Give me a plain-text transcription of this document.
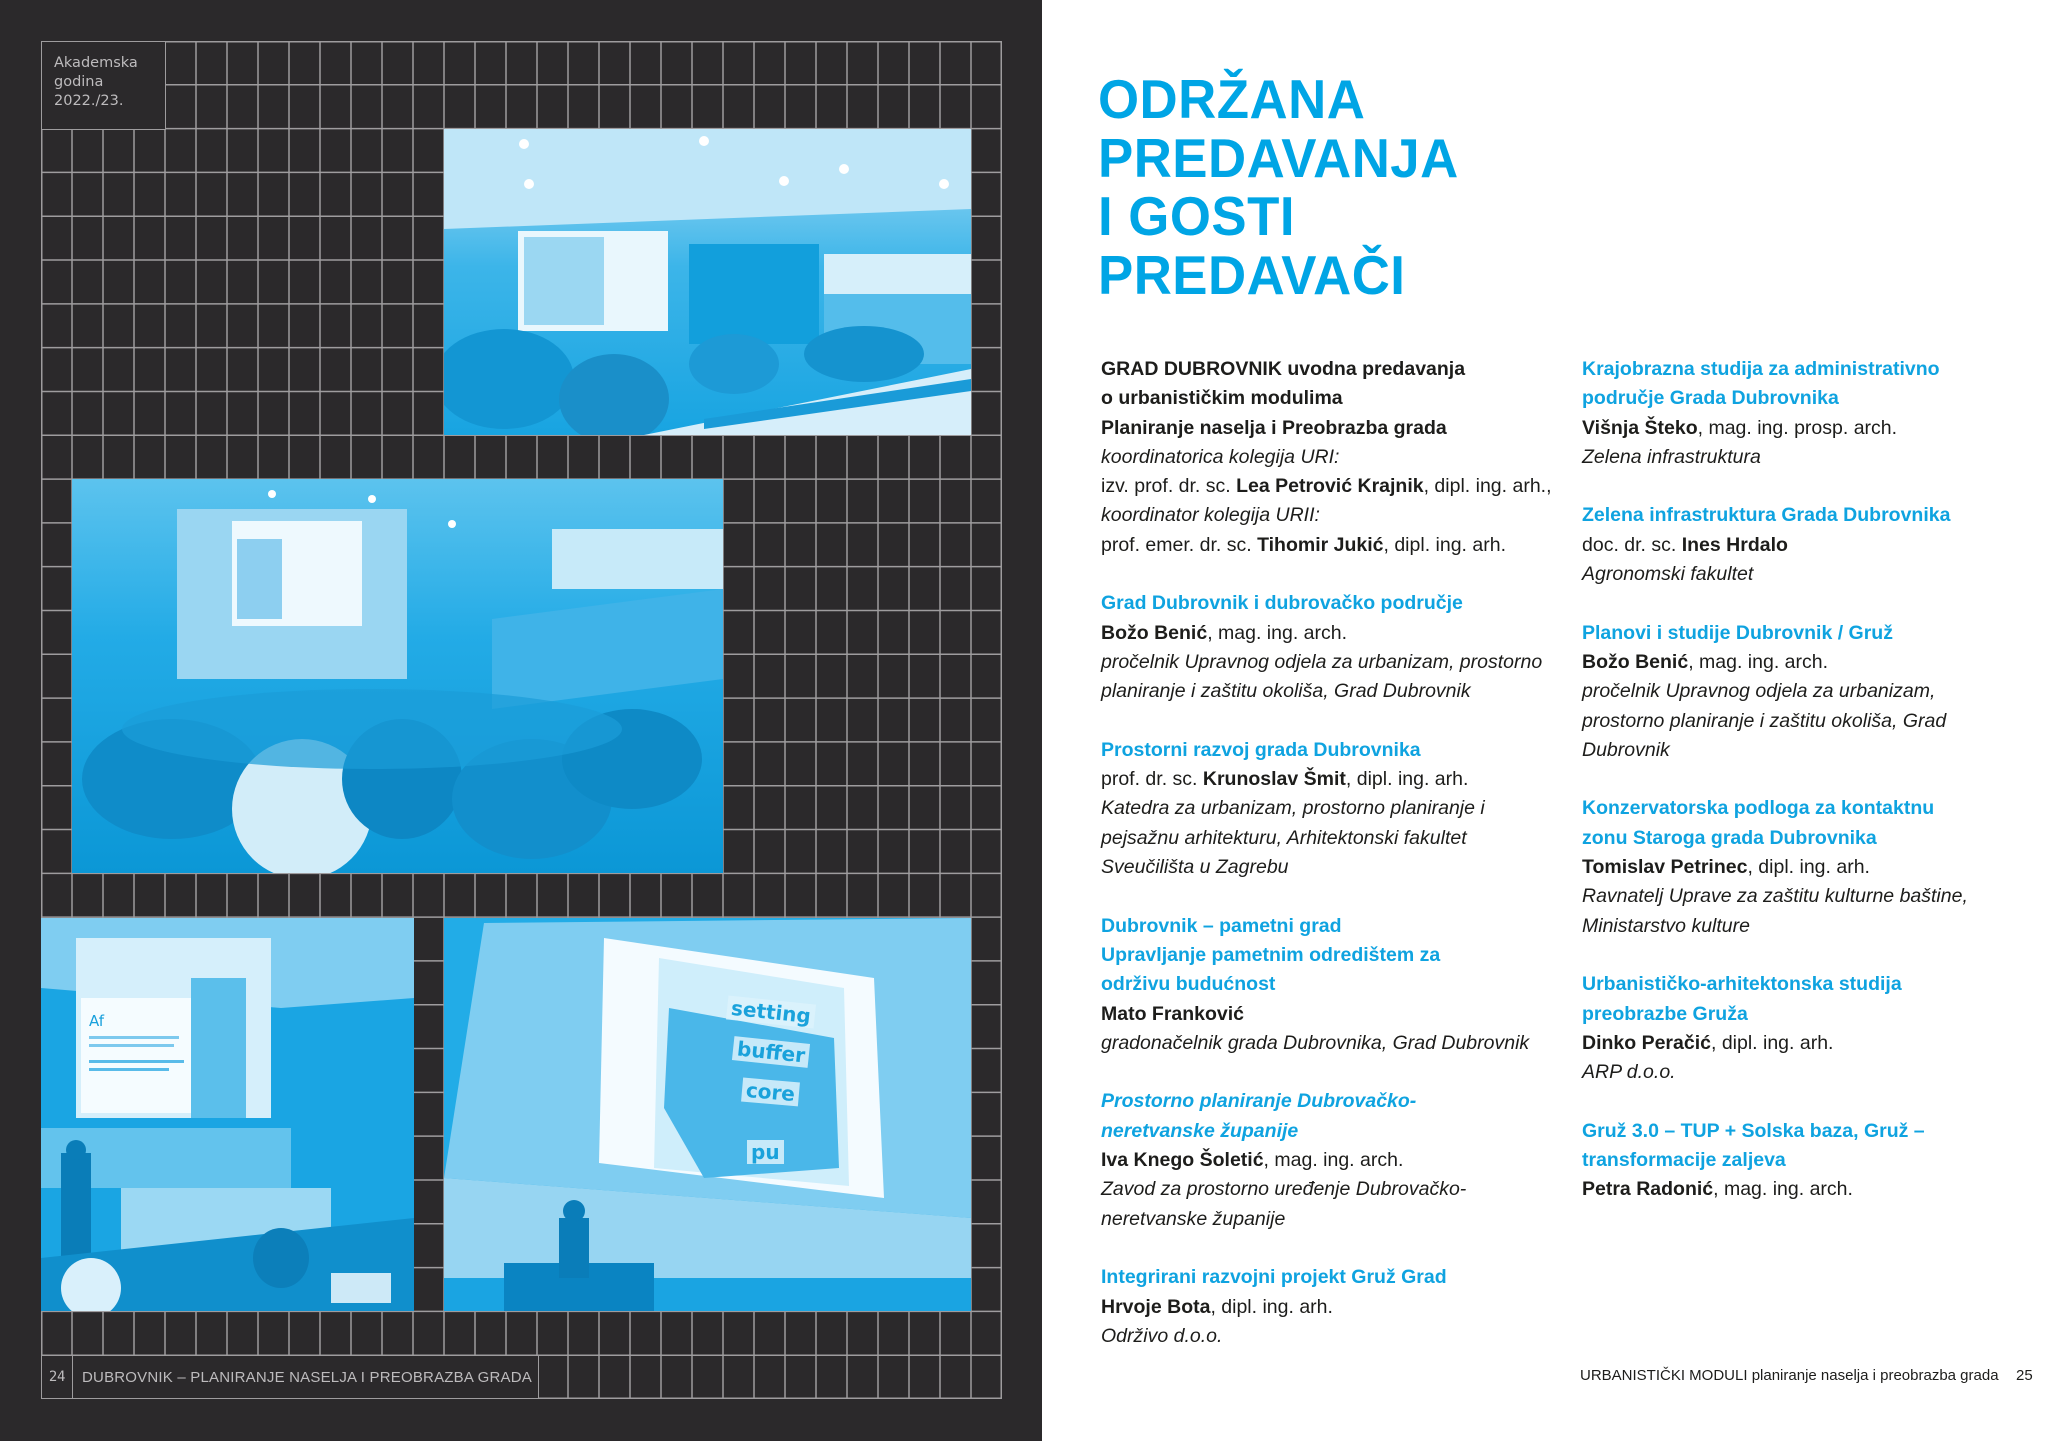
Akademska
godina
2022./23.
Af	setting
buffer
core
pu
24	DUBROVNIK – PLANIRANJE NASELJA I PREOBRAZBA GRADA
ODRŽANA
PREDAVANJA
I GOSTI
PREDAVAČI
GRAD DUBROVNIK uvodna predavanja
o urbanističkim modulima
Planiranje naselja i Preobrazba grada
koordinatorica kolegija URI:
izv. prof. dr. sc. Lea Petrović Krajnik, dipl. ing. arh.,
koordinator kolegija URII:
prof. emer. dr. sc. Tihomir Jukić, dipl. ing. arh.
Grad Dubrovnik i dubrovačko područje
Božo Benić, mag. ing. arch.
pročelnik Upravnog odjela za urbanizam, prostorno
planiranje i zaštitu okoliša, Grad Dubrovnik
Prostorni razvoj grada Dubrovnika
prof. dr. sc. Krunoslav Šmit, dipl. ing. arh.
Katedra za urbanizam, prostorno planiranje i
pejsažnu arhitekturu, Arhitektonski fakultet
Sveučilišta u Zagrebu
Dubrovnik – pametni grad
Upravljanje pametnim odredištem za
održivu budućnost
Mato Franković
gradonačelnik grada Dubrovnika, Grad Dubrovnik
Prostorno planiranje Dubrovačko-
neretvanske županije
Iva Knego Šoletić, mag. ing. arch.
Zavod za prostorno uređenje Dubrovačko-
neretvanske županije
Integrirani razvojni projekt Gruž Grad
Hrvoje Bota, dipl. ing. arh.
Održivo d.o.o.
Krajobrazna studija za administrativno
područje Grada Dubrovnika
Višnja Šteko, mag. ing. prosp. arch.
Zelena infrastruktura
Zelena infrastruktura Grada Dubrovnika
doc. dr. sc. Ines Hrdalo
Agronomski fakultet
Planovi i studije Dubrovnik / Gruž
Božo Benić, mag. ing. arch.
pročelnik Upravnog odjela za urbanizam,
prostorno planiranje i zaštitu okoliša, Grad
Dubrovnik
Konzervatorska podloga za kontaktnu
zonu Staroga grada Dubrovnika
Tomislav Petrinec, dipl. ing. arh.
Ravnatelj Uprave za zaštitu kulturne baštine,
Ministarstvo kulture
Urbanističko-arhitektonska studija
preobrazbe Gruža
Dinko Peračić, dipl. ing. arh.
ARP d.o.o.
Gruž 3.0 – TUP + Solska baza, Gruž –
transformacije zaljeva
Petra Radonić, mag. ing. arch.
URBANISTIČKI MODULI planiranje naselja i preobrazba grada 25
